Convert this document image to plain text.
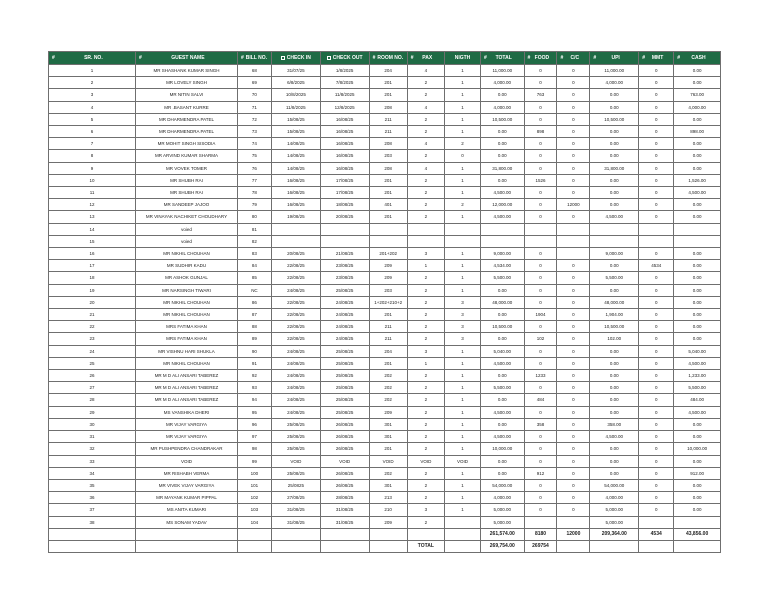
# SR. NO.	# GUEST NAME	# BILL NO.	CHECK IN	CHECK OUT	# ROOM NO.	# PAX	NIGTH	# TOTAL	# FOOD	# C/C	# UPI	# MMT	# CASH

1	MR SHASHANK KUMAR SINGH	68	31/07/25	1/8/2025	204	4	1	11,000.00	0	0	11,000.00	0	0.00
2	MR LOVELY SINGH	69	6/8/2025	7/8/2025	201	2	1	4,000.00	0	0	4,000.00	0	0.00
3	MR NITIN SALVI	70	10/8/2025	11/8/2025	201	2	1	0.00	763	0	0.00	0	763.00
4	MR .BASANT KURRE	71	11/8/2025	12/8/2025	208	4	1	4,000.00	0	0	0.00	0	4,000.00
5	MR DHARMENDRA PATEL	72	15/08/25	16/08/25	211	2	1	10,500.00	0	0	10,500.00	0	0.00
6	MR DHARMENDRA PATEL	73	15/08/25	16/08/25	211	2	1	0.00	898	0	0.00	0	898.00
7	MR MOHIT SINGH SISODIA	74	14/08/25	16/08/25	208	4	2	0.00	0	0	0.00	0	0.00
8	MR ARVIND KUMAR SHARMA	75	14/08/25	16/08/25	203	2	0	0.00	0	0	0.00	0	0.00
9	MR VOVEK TOMER	76	14/08/25	16/08/25	208	4	1	31,800.00	0	0	31,800.00	0	0.00
10	MR SHUBH RAI	77	16/08/25	17/08/25	201	2	1	0.00	1526	0	0.00	0	1,526.00
11	MR SHUBH RAI	78	16/08/25	17/08/25	201	2	1	4,500.00	0	0	0.00	0	4,500.00
12	MR SANDEEP JAJOO	79	16/08/25	18/08/25	401	2	2	12,000.00	0	12000	0.00	0	0.00
13	MR VINAYAK NACHIKET CHOUDHARY	80	19/08/25	20/08/25	201	2	1	4,500.00	0	0	4,500.00	0	0.00
14	voied	81											
15	voied	82											
16	MR NIKHIL CHOUHAN	83	20/08/25	21/08/25	201+202	3	1	9,000.00	0		9,000.00	0	0.00
17	MR SUDHIR KADU	84	22/08/25	23/08/25	209	1	1	4,534.00	0	0	0.00	4534	0.00
18	MR ASHOK GUNJAL	85	22/08/25	23/08/25	209	2	1	5,500.00	0	0	5,500.00	0	0.00
19	MR NARSINGH TIWARI	NC	24/08/25	25/08/25	203	2	1	0.00	0	0	0.00	0	0.00
20	MR NIKHIL CHOUHAN	86	22/08/25	24/08/25	1+202+210+2	2	3	48,000.00	0	0	48,000.00	0	0.00
21	MR NIKHIL CHOUHAN	87	22/08/25	24/08/25	201	2	3	0.00	1904	0	1,904.00	0	0.00
22	MRS FATIMA KHAN	88	22/08/25	24/08/25	211	2	3	10,500.00	0	0	10,500.00	0	0.00
23	MRS FATIMA KHAN	89	22/08/25	24/08/25	211	2	3	0.00	102	0	102.00	0	0.00
24	MR VISHNU HARI SHUKLA	90	24/08/25	25/08/25	204	3	1	5,040.00	0	0	0.00	0	5,040.00
25	MR NIKHIL CHOUHAN	91	24/08/25	25/08/25	201	1	1	4,500.00	0	0	0.00	0	4,500.00
26	MR M D ALI ANSARI TABEREZ	92	24/08/25	25/08/25	202	2	1	0.00	1233	0	0.00	0	1,233.00
27	MR M D ALI ANSARI TABEREZ	93	24/08/25	25/08/25	202	2	1	5,500.00	0	0	0.00	0	5,500.00
28	MR M D ALI ANSARI TABEREZ	94	24/08/25	25/08/25	202	2	1	0.00	484	0	0.00	0	484.00
29	MS VANSHIKA DHERI	95	24/08/25	25/08/25	209	2	1	4,500.00	0	0	0.00	0	4,500.00
30	MR VIJAY VARGIYA	96	25/08/25	26/08/25	301	2	1	0.00	358	0	358.00	0	0.00
31	MR VIJAY VARGIYA	97	25/08/25	26/08/25	301	2	1	4,500.00	0	0	4,500.00	0	0.00
32	MR PUSHPENDRA CHANDRAKAR	98	25/08/25	26/08/25	201	2	1	10,000.00	0	0	0.00	0	10,000.00
33	VOID	99	VOID	VOID	VOID	VOID	VOID	0.00	0	0	0.00	0	0.00
34	MR RISHABH VERMA	100	25/08/25	26/08/25	202	2	1	0.00	912	0	0.00	0	912.00
35	MR VIVEK VIJAY VARGIYA	101	25/0825	26/08/25	301	2	1	54,000.00	0	0	54,000.00	0	0.00
36	MR MAYANK KUMAR PIPPAL	102	27/08/25	28/08/25	213	2	1	4,000.00	0	0	4,000.00	0	0.00
37	MS ANITA KUMARI	103	31/08/25	31/08/25	210	3	1	5,000.00	0	0	5,000.00	0	0.00
38	MS SONAM YADAV	104	31/08/25	31/08/25	209	2		5,000.00			5,000.00		
								261,574.00	8180	12000	209,364.00	4534	43,856.00
						TOTAL		269,754.00	269754				
